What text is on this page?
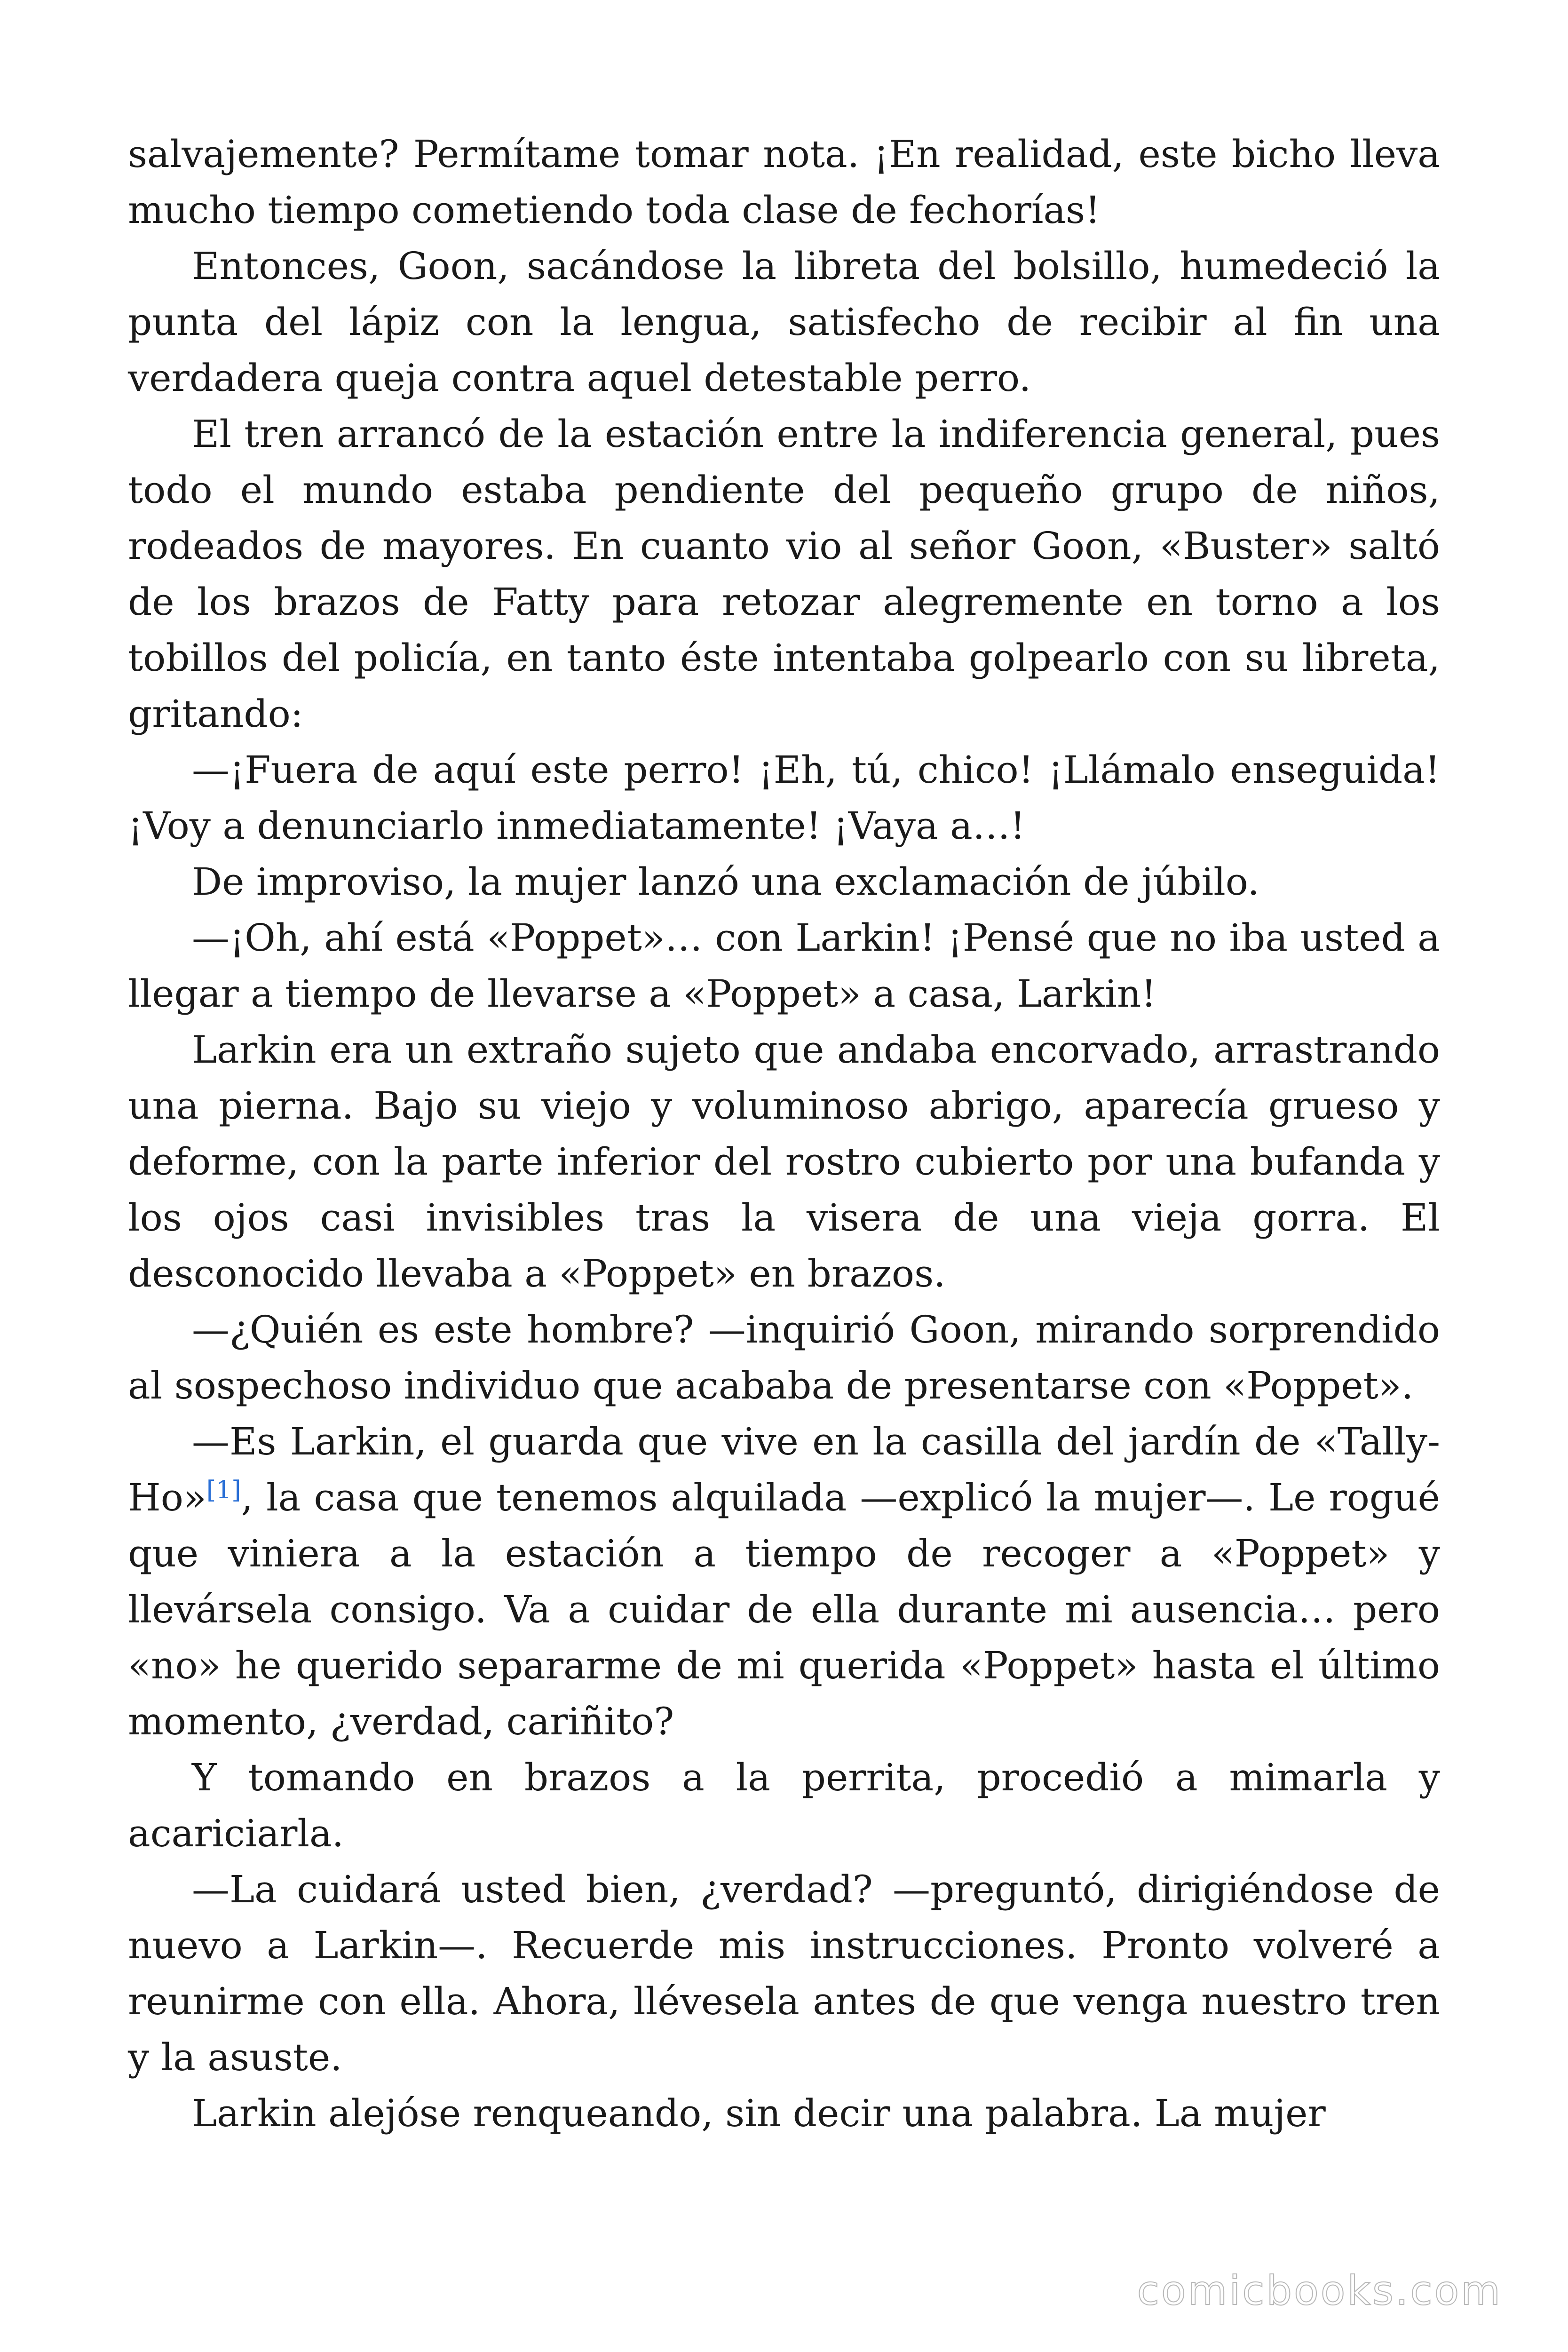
salvajemente? Permítame tomar nota. ¡En realidad, este bicho lleva mucho tiempo cometiendo toda clase de fechorías!

Entonces, Goon, sacándose la libreta del bolsillo, humedeció la punta del lápiz con la lengua, satisfecho de recibir al fin una verdadera queja contra aquel detestable perro.

El tren arrancó de la estación entre la indiferencia general, pues todo el mundo estaba pendiente del pequeño grupo de niños, rodeados de mayores. En cuanto vio al señor Goon, «Buster» saltó de los brazos de Fatty para retozar alegremente en torno a los tobillos del policía, en tanto éste intentaba golpearlo con su libreta, gritando:

—¡Fuera de aquí este perro! ¡Eh, tú, chico! ¡Llámalo enseguida! ¡Voy a denunciarlo inmediatamente! ¡Vaya a…!

De improviso, la mujer lanzó una exclamación de júbilo.

—¡Oh, ahí está «Poppet»… con Larkin! ¡Pensé que no iba usted a llegar a tiempo de llevarse a «Poppet» a casa, Larkin!

Larkin era un extraño sujeto que andaba encorvado, arrastrando una pierna. Bajo su viejo y voluminoso abrigo, aparecía grueso y deforme, con la parte inferior del rostro cubierto por una bufanda y los ojos casi invisibles tras la visera de una vieja gorra. El desconocido llevaba a «Poppet» en brazos.

—¿Quién es este hombre? —inquirió Goon, mirando sorprendido al sospechoso individuo que acababa de presentarse con «Poppet».

—Es Larkin, el guarda que vive en la casilla del jardín de «Tally-Ho»[1], la casa que tenemos alquilada —explicó la mujer—. Le rogué que viniera a la estación a tiempo de recoger a «Poppet» y llevársela consigo. Va a cuidar de ella durante mi ausencia… pero «no» he querido separarme de mi querida «Poppet» hasta el último momento, ¿verdad, cariñito?

Y tomando en brazos a la perrita, procedió a mimarla y acariciarla.

—La cuidará usted bien, ¿verdad? —preguntó, dirigiéndose de nuevo a Larkin—. Recuerde mis instrucciones. Pronto volveré a reunirme con ella. Ahora, llévesela antes de que venga nuestro tren y la asuste.

Larkin alejóse renqueando, sin decir una palabra. La mujer

comicbooks.com
